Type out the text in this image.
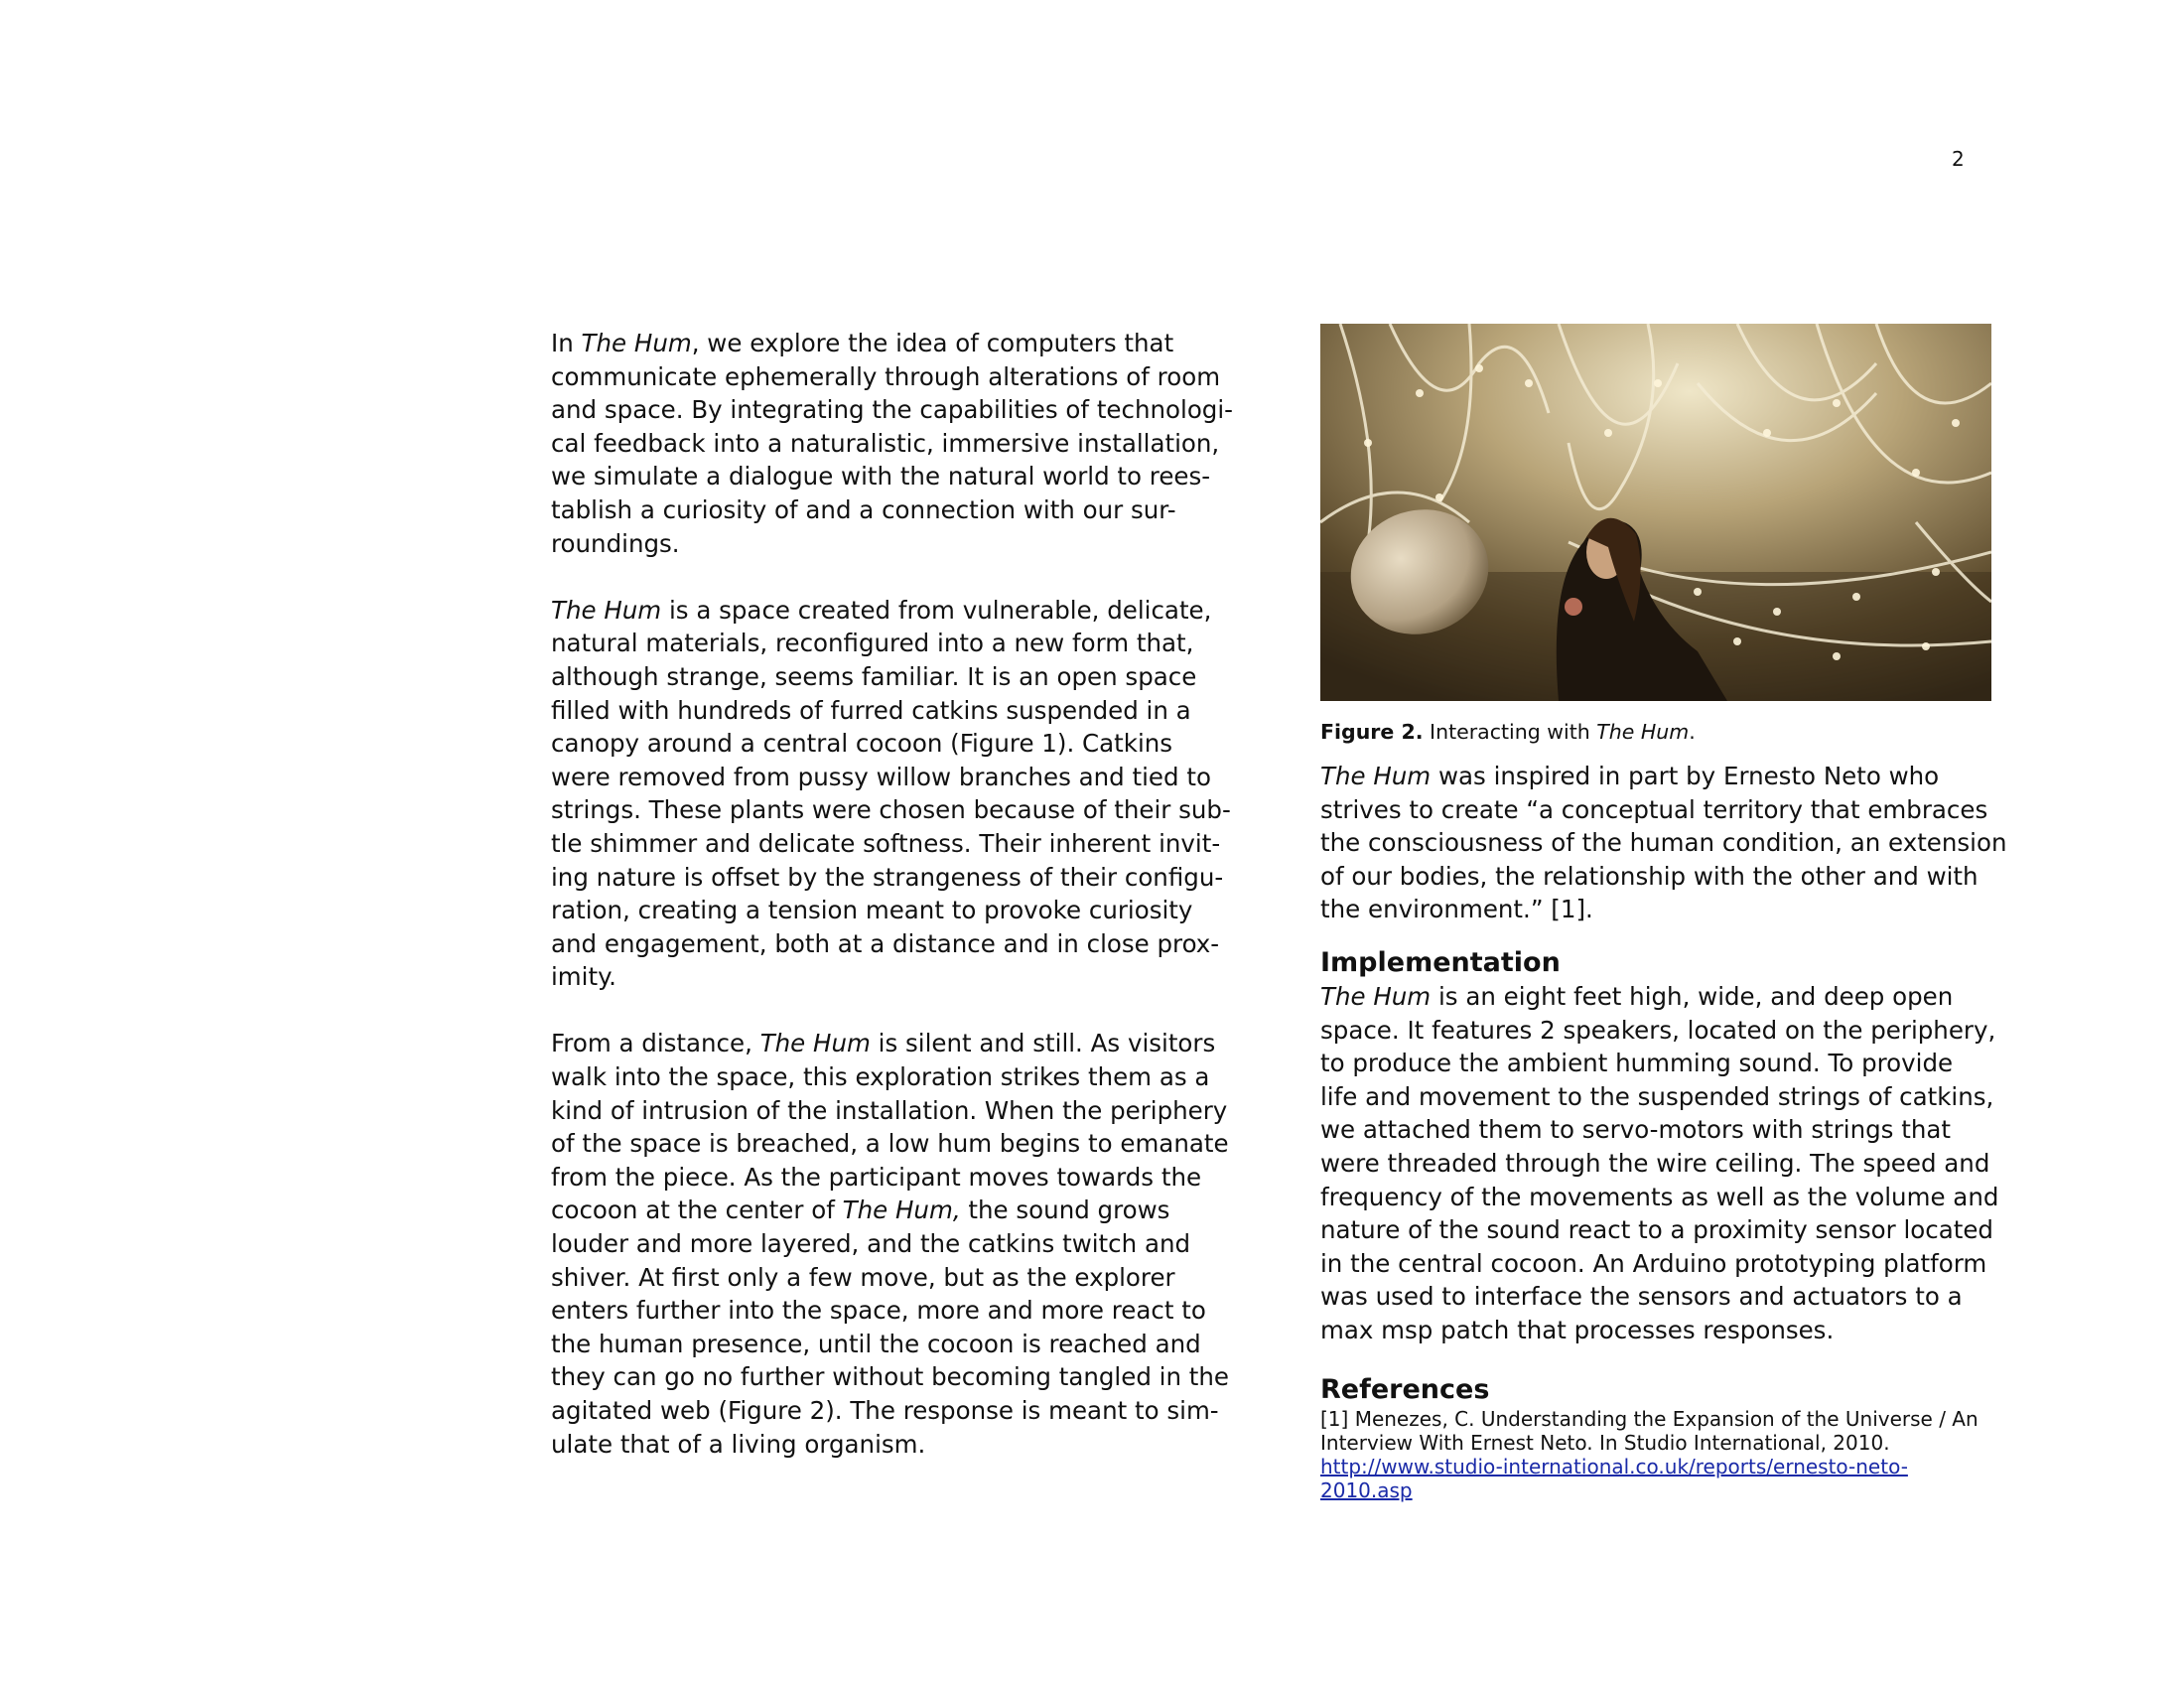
2
In The Hum, we explore the idea of computers that
communicate ephemerally through alterations of room
and space. By integrating the capabilities of technologi-
cal feedback into a naturalistic, immersive installation,
we simulate a dialogue with the natural world to rees-
tablish a curiosity of and a connection with our sur-
roundings.
The Hum is a space created from vulnerable, delicate,
natural materials, reconfigured into a new form that,
although strange, seems familiar. It is an open space
filled with hundreds of furred catkins suspended in a
canopy around a central cocoon (Figure 1). Catkins
were removed from pussy willow branches and tied to
strings. These plants were chosen because of their sub-
tle shimmer and delicate softness. Their inherent invit-
ing nature is offset by the strangeness of their configu-
ration, creating a tension meant to provoke curiosity
and engagement, both at a distance and in close prox-
imity.
From a distance, The Hum is silent and still. As visitors
walk into the space, this exploration strikes them as a
kind of intrusion of the installation. When the periphery
of the space is breached, a low hum begins to emanate
from the piece. As the participant moves towards the
cocoon at the center of The Hum, the sound grows
louder and more layered, and the catkins twitch and
shiver. At first only a few move, but as the explorer
enters further into the space, more and more react to
the human presence, until the cocoon is reached and
they can go no further without becoming tangled in the
agitated web (Figure 2). The response is meant to sim-
ulate that of a living organism.
Figure 2. Interacting with The Hum.
The Hum was inspired in part by Ernesto Neto who
strives to create “a conceptual territory that embraces
the consciousness of the human condition, an extension
of our bodies, the relationship with the other and with
the environment.” [1].
Implementation
The Hum is an eight feet high, wide, and deep open
space. It features 2 speakers, located on the periphery,
to produce the ambient humming sound. To provide
life and movement to the suspended strings of catkins,
we attached them to servo-motors with strings that
were threaded through the wire ceiling. The speed and
frequency of the movements as well as the volume and
nature of the sound react to a proximity sensor located
in the central cocoon. An Arduino prototyping platform
was used to interface the sensors and actuators to a
max msp patch that processes responses.
References
[1] Menezes, C. Understanding the Expansion of the Universe / An
Interview With Ernest Neto. In Studio International, 2010.
http://www.studio-international.co.uk/reports/ernesto-neto-
2010.asp
